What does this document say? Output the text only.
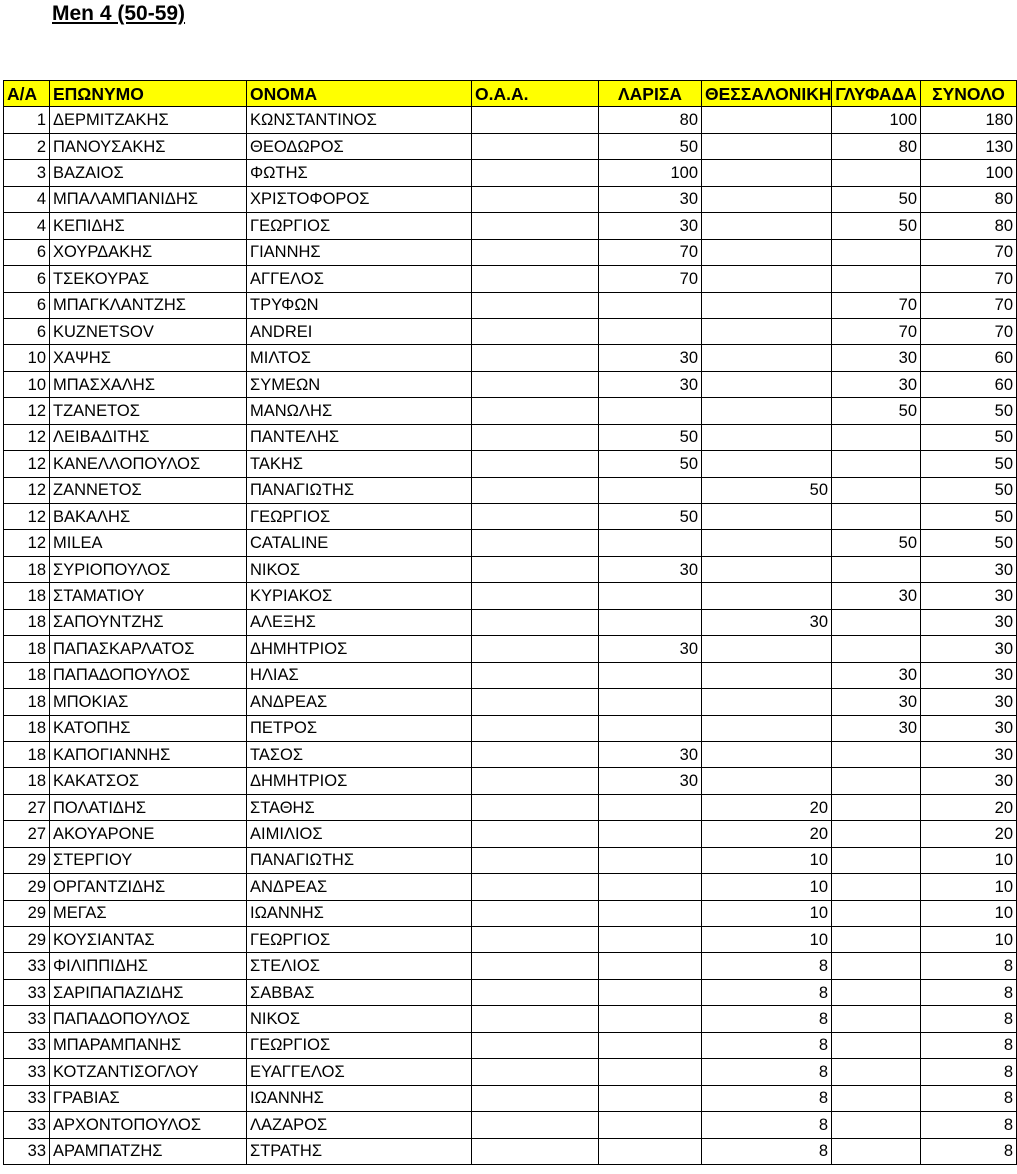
Men 4 (50-59)
Α/Α	ΕΠΩΝΥΜΟ	ΟΝΟΜΑ	Ο.Α.Α.	ΛΑΡΙΣΑ	ΘΕΣΣΑΛΟΝΙΚΗ	ΓΛΥΦΑΔΑ	ΣΥΝΟΛΟ
1	ΔΕΡΜΙΤΖΑΚΗΣ	ΚΩΝΣΤΑΝΤΙΝΟΣ		80		100	180
2	ΠΑΝΟΥΣΑΚΗΣ	ΘΕΟΔΩΡΟΣ		50		80	130
3	ΒΑΖΑΙΟΣ	ΦΩΤΗΣ		100			100
4	ΜΠΑΛΑΜΠΑΝΙΔΗΣ	ΧΡΙΣΤΟΦΟΡΟΣ		30		50	80
4	ΚΕΠΙΔΗΣ	ΓΕΩΡΓΙΟΣ		30		50	80
6	ΧΟΥΡΔΑΚΗΣ	ΓΙΑΝΝΗΣ		70			70
6	ΤΣΕΚΟΥΡΑΣ	ΑΓΓΕΛΟΣ		70			70
6	ΜΠΑΓΚΛΑΝΤΖΗΣ	ΤΡΥΦΩΝ				70	70
6	KUZNETSOV	ANDREI				70	70
10	ΧΑΨΗΣ	ΜΙΛΤΟΣ		30		30	60
10	ΜΠΑΣΧΑΛΗΣ	ΣΥΜΕΩΝ		30		30	60
12	ΤΖΑΝΕΤΟΣ	ΜΑΝΩΛΗΣ				50	50
12	ΛΕΙΒΑΔΙΤΗΣ	ΠΑΝΤΕΛΗΣ		50			50
12	ΚΑΝΕΛΛΟΠΟΥΛΟΣ	ΤΑΚΗΣ		50			50
12	ΖΑΝΝΕΤΟΣ	ΠΑΝΑΓΙΩΤΗΣ			50		50
12	ΒΑΚΑΛΗΣ	ΓΕΩΡΓΙΟΣ		50			50
12	MILEA	CATALINE				50	50
18	ΣΥΡΙΟΠΟΥΛΟΣ	ΝΙΚΟΣ		30			30
18	ΣΤΑΜΑΤΙΟΥ	ΚΥΡΙΑΚΟΣ				30	30
18	ΣΑΠΟΥΝΤΖΗΣ	ΑΛΕΞΗΣ			30		30
18	ΠΑΠΑΣΚΑΡΛΑΤΟΣ	ΔΗΜΗΤΡΙΟΣ		30			30
18	ΠΑΠΑΔΟΠΟΥΛΟΣ	ΗΛΙΑΣ				30	30
18	ΜΠΟΚΙΑΣ	ΑΝΔΡΕΑΣ				30	30
18	ΚΑΤΟΠΗΣ	ΠΕΤΡΟΣ				30	30
18	ΚΑΠΟΓΙΑΝΝΗΣ	ΤΑΣΟΣ		30			30
18	ΚΑΚΑΤΣΟΣ	ΔΗΜΗΤΡΙΟΣ		30			30
27	ΠΟΛΑΤΙΔΗΣ	ΣΤΑΘΗΣ			20		20
27	ΑΚΟΥΑΡΟΝΕ	ΑΙΜΙΛΙΟΣ			20		20
29	ΣΤΕΡΓΙΟΥ	ΠΑΝΑΓΙΩΤΗΣ			10		10
29	ΟΡΓΑΝΤΖΙΔΗΣ	ΑΝΔΡΕΑΣ			10		10
29	ΜΕΓΑΣ	ΙΩΑΝΝΗΣ			10		10
29	ΚΟΥΣΙΑΝΤΑΣ	ΓΕΩΡΓΙΟΣ			10		10
33	ΦΙΛΙΠΠΙΔΗΣ	ΣΤΕΛΙΟΣ			8		8
33	ΣΑΡΙΠΑΠΑΖΙΔΗΣ	ΣΑΒΒΑΣ			8		8
33	ΠΑΠΑΔΟΠΟΥΛΟΣ	ΝΙΚΟΣ			8		8
33	ΜΠΑΡΑΜΠΑΝΗΣ	ΓΕΩΡΓΙΟΣ			8		8
33	ΚΟΤΖΑΝΤΙΣΟΓΛΟΥ	ΕΥΑΓΓΕΛΟΣ			8		8
33	ΓΡΑΒΙΑΣ	ΙΩΑΝΝΗΣ			8		8
33	ΑΡΧΟΝΤΟΠΟΥΛΟΣ	ΛΑΖΑΡΟΣ			8		8
33	ΑΡΑΜΠΑΤΖΗΣ	ΣΤΡΑΤΗΣ			8		8
